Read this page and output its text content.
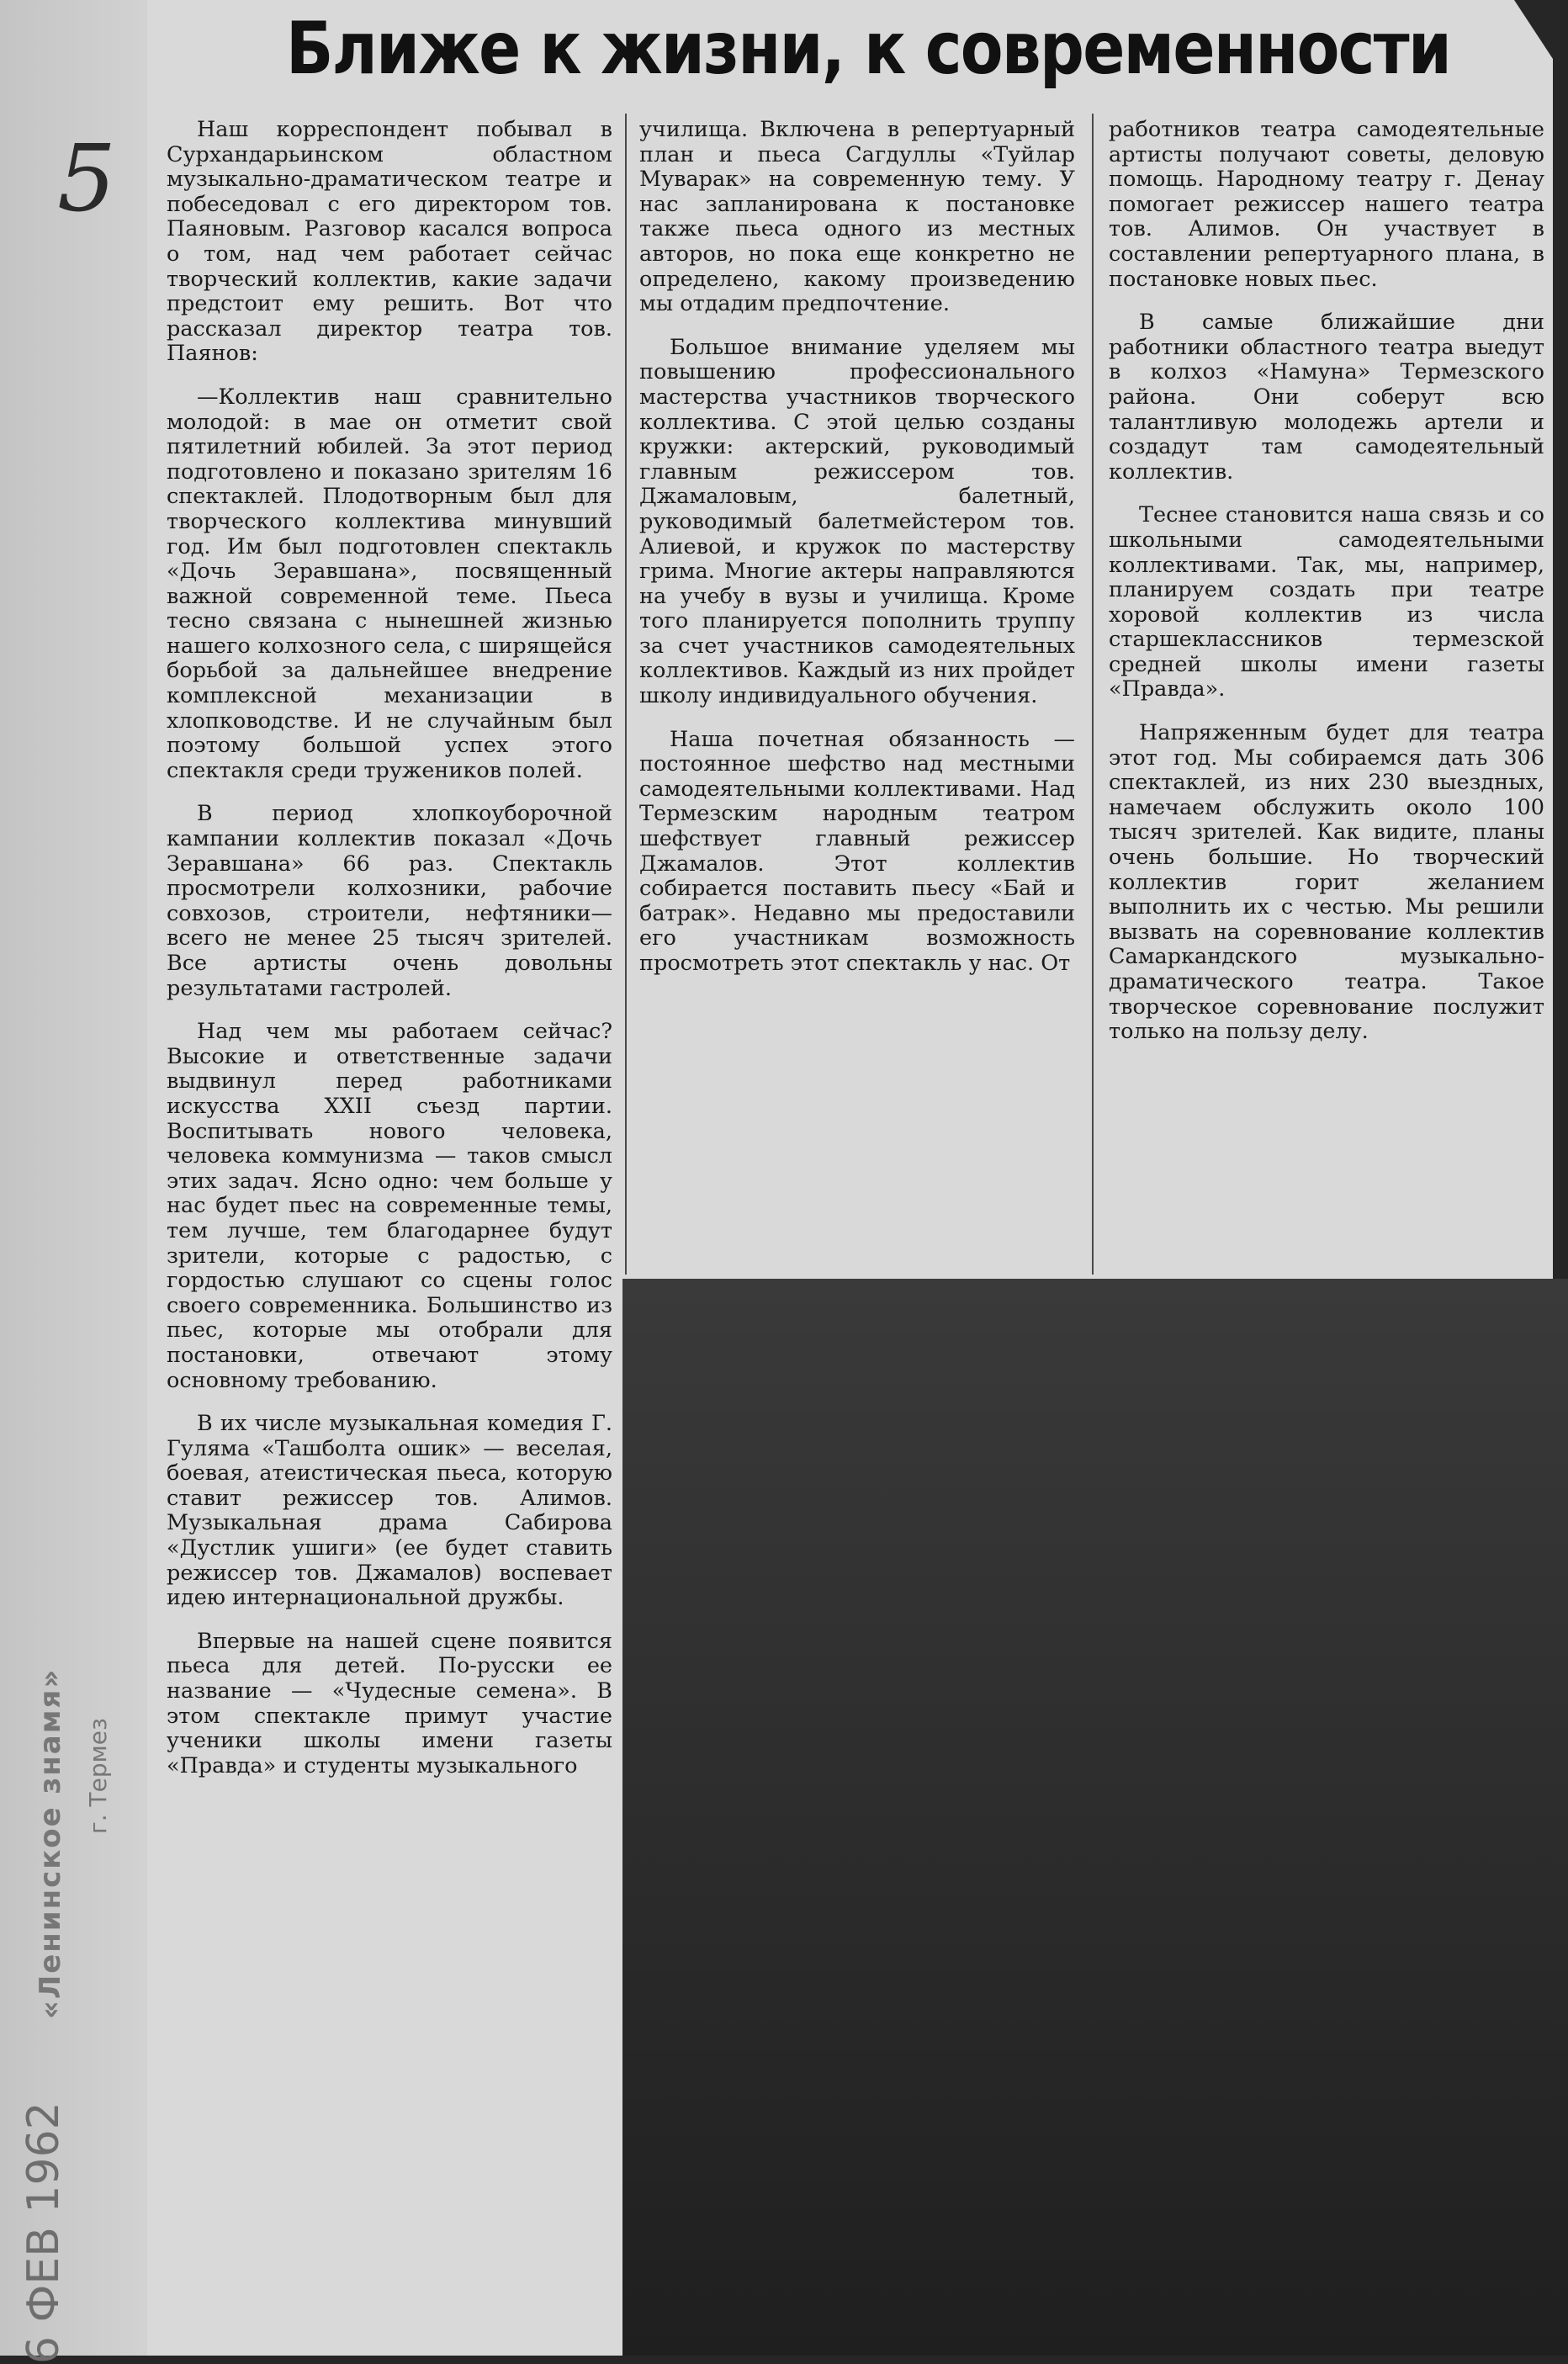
Ближе к жизни, к современности
5
«Ленинское знамя» г. Термез
6 ФЕВ 1962

Наш корреспондент побывал в Сурхандарьинском областном музыкально-драматическом театре и побеседовал с его директором тов. Паяновым. Разговор касался вопроса о том, над чем работает сейчас творческий коллектив, какие задачи предстоит ему решить. Вот что рассказал директор театра тов. Паянов:

—Коллектив наш сравнительно молодой: в мае он отметит свой пятилетний юбилей. За этот период подготовлено и показано зрителям 16 спектаклей. Плодотворным был для творческого коллектива минувший год. Им был подготовлен спектакль «Дочь Зеравшана», посвященный важной современной теме. Пьеса тесно связана с нынешней жизнью нашего колхозного села, с ширящейся борьбой за дальнейшее внедрение комплексной механизации в хлопководстве. И не случайным был поэтому большой успех этого спектакля среди тружеников полей.

В период хлопкоуборочной кампании коллектив показал «Дочь Зеравшана» 66 раз. Спектакль просмотрели колхозники, рабочие совхозов, строители, нефтяники—всего не менее 25 тысяч зрителей. Все артисты очень довольны результатами гастролей.

Над чем мы работаем сейчас? Высокие и ответственные задачи выдвинул перед работниками искусства XXII съезд партии. Воспитывать нового человека, человека коммунизма — таков смысл этих задач. Ясно одно: чем больше у нас будет пьес на современные темы, тем лучше, тем благодарнее будут зрители, которые с радостью, с гордостью слушают со сцены голос своего современника. Большинство из пьес, которые мы отобрали для постановки, отвечают этому основному требованию.

В их числе музыкальная комедия Г. Гуляма «Ташболта ошик» — веселая, боевая, атеистическая пьеса, которую ставит режиссер тов. Алимов. Музыкальная драма Сабирова «Дустлик ушиги» (ее будет ставить режиссер тов. Джамалов) воспевает идею интернациональной дружбы.

Впервые на нашей сцене появится пьеса для детей. По-русски ее название — «Чудесные семена». В этом спектакле примут участие ученики школы имени газеты «Правда» и студенты музыкального

училища. Включена в репертуарный план и пьеса Сагдуллы «Туйлар Муварак» на современную тему. У нас запланирована к постановке также пьеса одного из местных авторов, но пока еще конкретно не определено, какому произведению мы отдадим предпочтение.

Большое внимание уделяем мы повышению профессионального мастерства участников творческого коллектива. С этой целью созданы кружки: актерский, руководимый главным режиссером тов. Джамаловым, балетный, руководимый балетмейстером тов. Алиевой, и кружок по мастерству грима. Многие актеры направляются на учебу в вузы и училища. Кроме того планируется пополнить труппу за счет участников самодеятельных коллективов. Каждый из них пройдет школу индивидуального обучения.

Наша почетная обязанность — постоянное шефство над местными самодеятельными коллективами. Над Термезским народным театром шефствует главный режиссер Джамалов. Этот коллектив собирается поставить пьесу «Бай и батрак». Недавно мы предоставили его участникам возможность просмотреть этот спектакль у нас. От

работников театра самодеятельные артисты получают советы, деловую помощь. Народному театру г. Денау помогает режиссер нашего театра тов. Алимов. Он участвует в составлении репертуарного плана, в постановке новых пьес.

В самые ближайшие дни работники областного театра выедут в колхоз «Намуна» Термезского района. Они соберут всю талантливую молодежь артели и создадут там самодеятельный коллектив.

Теснее становится наша связь и со школьными самодеятельными коллективами. Так, мы, например, планируем создать при театре хоровой коллектив из числа старшеклассников термезской средней школы имени газеты «Правда».

Напряженным будет для театра этот год. Мы собираемся дать 306 спектаклей, из них 230 выездных, намечаем обслужить около 100 тысяч зрителей. Как видите, планы очень большие. Но творческий коллектив горит желанием выполнить их с честью. Мы решили вызвать на соревнование коллектив Самаркандского музыкально-драматического театра. Такое творческое соревнование послужит только на пользу делу.
